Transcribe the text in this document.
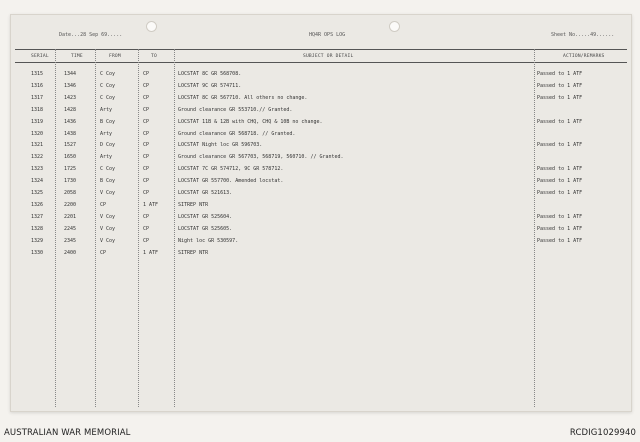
Date...28 Sep 69.....	HQ4R OPS LOG	Sheet No.....49......
SERIAL	TIME	FROM	TO	SUBJECT OR DETAIL	ACTION/REMARKS
1315	1344	C Coy	CP	LOCSTAT 8C GR 568708.	Passed to 1 ATF
1316	1346	C Coy	CP	LOCSTAT 9C GR 574711.	Passed to 1 ATF
1317	1423	C Coy	CP	LOCSTAT 8C GR 567710. All others no change.	Passed to 1 ATF
1318	1428	Arty	CP	Ground clearance GR 553710.// Granted.
1319	1436	B Coy	CP	LOCSTAT 11B & 12B with CHQ, CHQ & 10B no change.	Passed to 1 ATF
1320	1438	Arty	CP	Ground clearance GR 568718. // Granted.
1321	1527	D Coy	CP	LOCSTAT Night loc GR 596703.	Passed to 1 ATF
1322	1650	Arty	CP	Ground clearance GR 567703, 568719, 560710. // Granted.
1323	1725	C Coy	CP	LOCSTAT 7C GR 574712, 9C GR 578712.	Passed to 1 ATF
1324	1730	B Coy	CP	LOCSTAT GR 557700. Amended locstat.	Passed to 1 ATF
1325	2058	V Coy	CP	LOCSTAT GR 521613.	Passed to 1 ATF
1326	2200	CP	1 ATF	SITREP NTR
1327	2201	V Coy	CP	LOCSTAT GR 525604.	Passed to 1 ATF
1328	2245	V Coy	CP	LOCSTAT GR 525605.	Passed to 1 ATF
1329	2345	V Coy	CP	Night loc GR 530597.	Passed to 1 ATF
1330	2400	CP	1 ATF	SITREP NTR
AUSTRALIAN WAR MEMORIAL	RCDIG1029940
